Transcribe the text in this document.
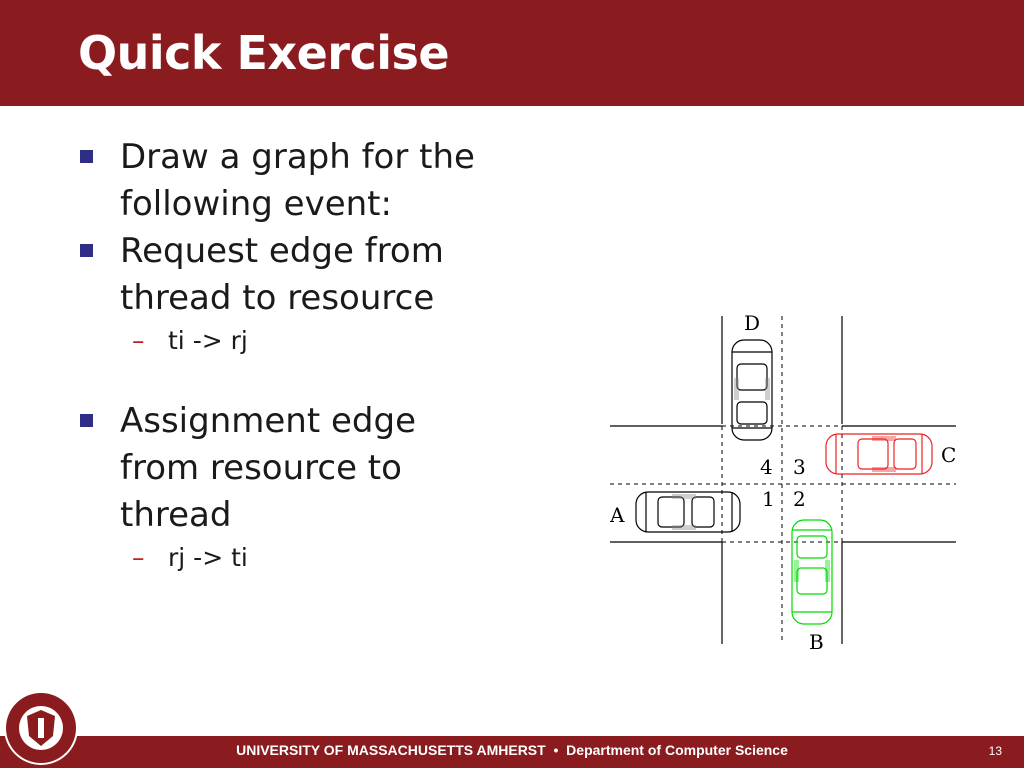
Quick Exercise
Draw a graph for the
following event:
Request edge from
thread to resource
– ti -> rj
Assignment edge
from resource to
thread
– rj -> ti
D
C
A
B
4 3
1 2
UNIVERSITY OF MASSACHUSETTS AMHERST • Department of Computer Science	13
